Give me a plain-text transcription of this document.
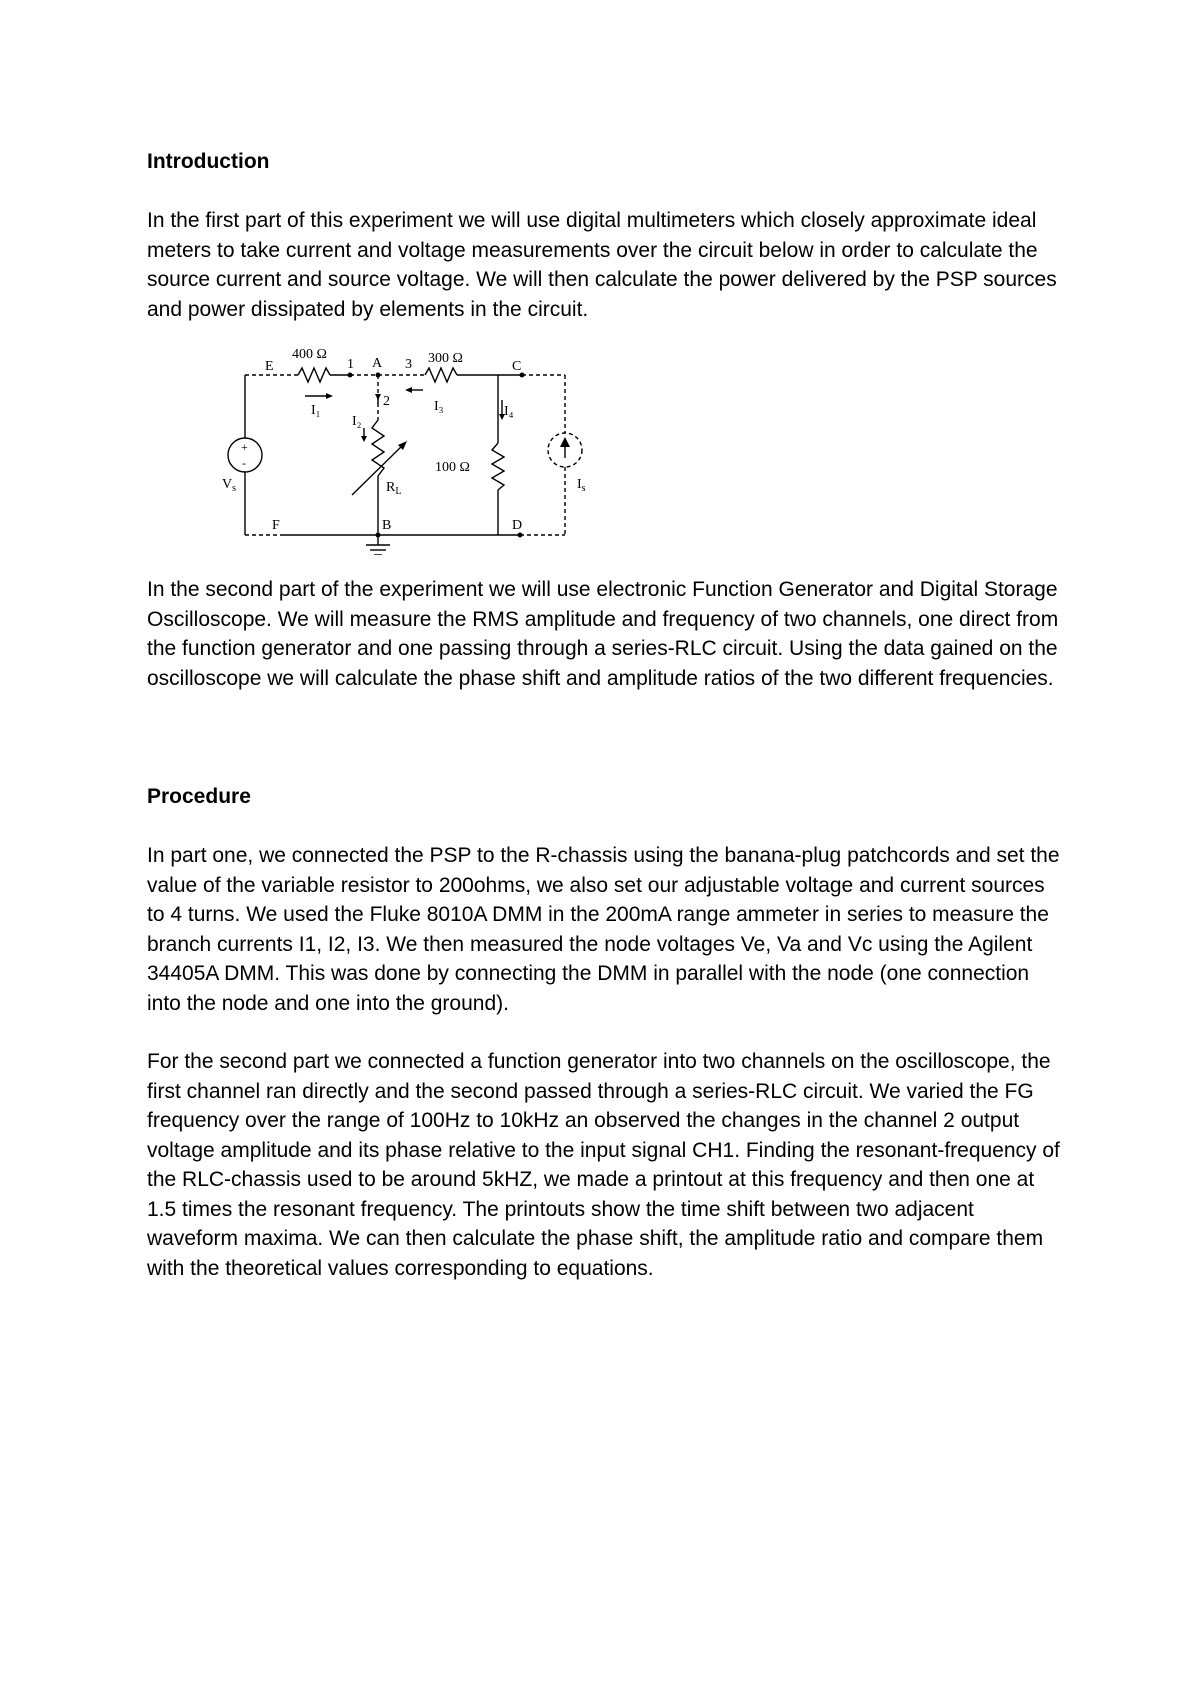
Introduction
In the first part of this experiment we will use digital multimeters which closely approximate ideal meters to take current and voltage measurements over the circuit below in order to calculate the source current and source voltage. We will then calculate the power delivered by the PSP sources and power dissipated by elements in the circuit.
400 Ω	300 Ω
100 Ω
E	A	C
F	B	D
1
2
3
I₁
I₂
I₃	I₄
$R_L$
$V_s$	$I_s$
+
-
In the second part of the experiment we will use electronic Function Generator and Digital Storage Oscilloscope. We will measure the RMS amplitude and frequency of two channels, one direct from the function generator and one passing through a series-RLC circuit. Using the data gained on the oscilloscope we will calculate the phase shift and amplitude ratios of the two different frequencies.
Procedure
In part one, we connected the PSP to the R-chassis using the banana-plug patchcords and set the value of the variable resistor to 200ohms, we also set our adjustable voltage and current sources to 4 turns. We used the Fluke 8010A DMM in the 200mA range ammeter in series to measure the branch currents I1, I2, I3. We then measured the node voltages Ve, Va and Vc using the Agilent 34405A DMM. This was done by connecting the DMM in parallel with the node (one connection into the node and one into the ground).
For the second part we connected a function generator into two channels on the oscilloscope, the first channel ran directly and the second passed through a series-RLC circuit. We varied the FG frequency over the range of 100Hz to 10kHz an observed the changes in the channel 2 output voltage amplitude and its phase relative to the input signal CH1. Finding the resonant-frequency of the RLC-chassis used to be around 5kHZ, we made a printout at this frequency and then one at 1.5 times the resonant frequency. The printouts show the time shift between two adjacent waveform maxima. We can then calculate the phase shift, the amplitude ratio and compare them with the theoretical values corresponding to equations.
